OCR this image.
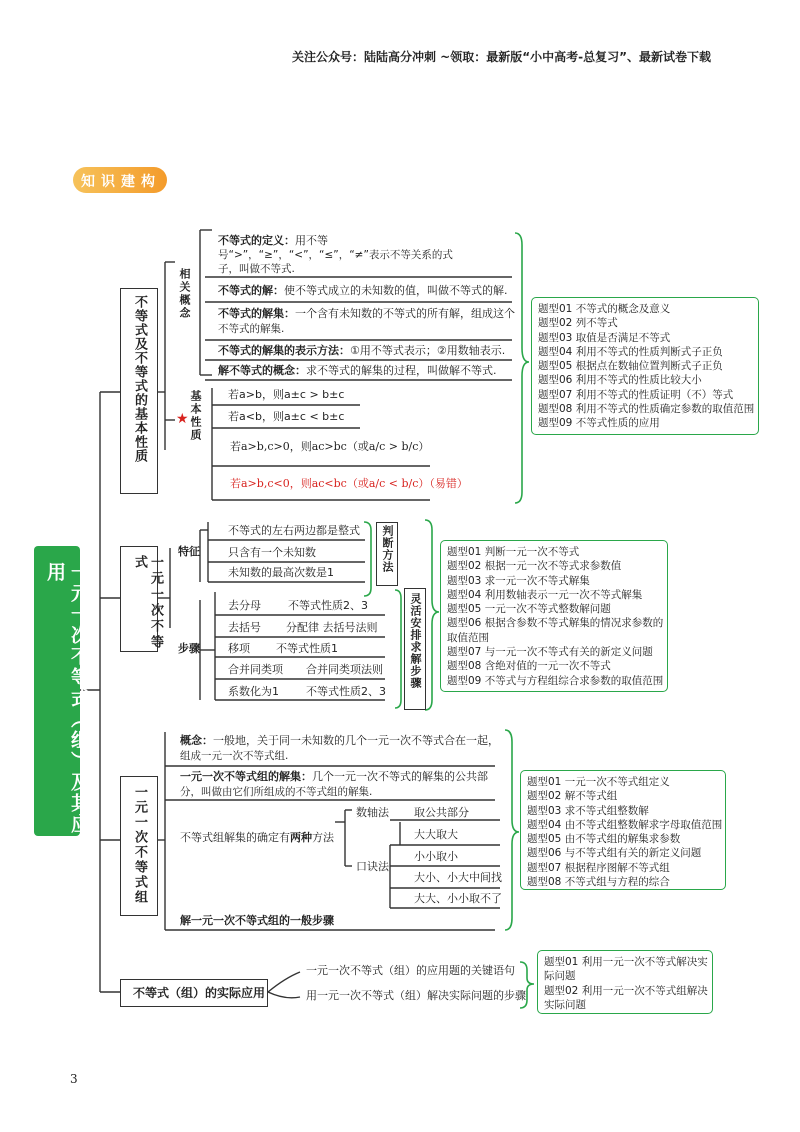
关注公众号：陆陆高分冲刺 ~领取：最新版“小中高考-总复习”、最新试卷下载
知 识 建 构
一元一次不等式（组）及其应用
不等式及不等式的基本性质
相关概念
基本性质
★
不等式的定义：用不等
号“>”，“≥”，“<”，“≤”，“≠”表示不等关系的式
子，叫做不等式.
不等式的解：使不等式成立的未知数的值，叫做不等式的解.
不等式的解集：一个含有未知数的不等式的所有解，组成这个
不等式的解集.
不等式的解集的表示方法：①用不等式表示；②用数轴表示.
解不等式的概念：求不等式的解集的过程，叫做解不等式.
若a>b，则a±c > b±c
若a<b，则a±c < b±c
若a>b,c>0，则ac>bc（或a/c > b/c）
若a>b,c<0，则ac<bc（或a/c < b/c）（易错）
题型01 不等式的概念及意义
题型02 列不等式
题型03 取值是否满足不等式
题型04 利用不等式的性质判断式子正负
题型05 根据点在数轴位置判断式子正负
题型06 利用不等式的性质比较大小
题型07 利用不等式的性质证明（不）等式
题型08 利用不等式的性质确定参数的取值范围
题型09 不等式性质的应用
一元一次不等式
特征
不等式的左右两边都是整式
只含有一个未知数
未知数的最高次数是1	判断方法
步骤
去分母 不等式性质2、3
去括号 分配律 去括号法则
移项 不等式性质1
合并同类项 合并同类项法则
系数化为1 不等式性质2、3
灵活安排求解步骤
题型01 判断一元一次不等式
题型02 根据一元一次不等式求参数值
题型03 求一元一次不等式解集
题型04 利用数轴表示一元一次不等式解集
题型05 一元一次不等式整数解问题
题型06 根据含参数不等式解集的情况求参数的
取值范围
题型07 与一元一次不等式有关的新定义问题
题型08 含绝对值的一元一次不等式
题型09 不等式与方程组综合求参数的取值范围
一元一次不等式组
概念：一般地，关于同一未知数的几个一元一次不等式合在一起，
组成一元一次不等式组.
一元一次不等式组的解集：几个一元一次不等式的解集的公共部
分，叫做由它们所组成的不等式组的解集.
不等式组解集的确定有两种方法
数轴法 取公共部分
口诀法
大大取大
小小取小
大小、小大中间找
大大、小小取不了
解一元一次不等式组的一般步骤
题型01 一元一次不等式组定义
题型02 解不等式组
题型03 求不等式组整数解
题型04 由不等式组整数解求字母取值范围
题型05 由不等式组的解集求参数
题型06 与不等式组有关的新定义问题
题型07 根据程序图解不等式组
题型08 不等式组与方程的综合
不等式（组）的实际应用
一元一次不等式（组）的应用题的关键语句
用一元一次不等式（组）解决实际问题的步骤
题型01 利用一元一次不等式解决实
际问题
题型02 利用一元一次不等式组解决
实际问题
3
